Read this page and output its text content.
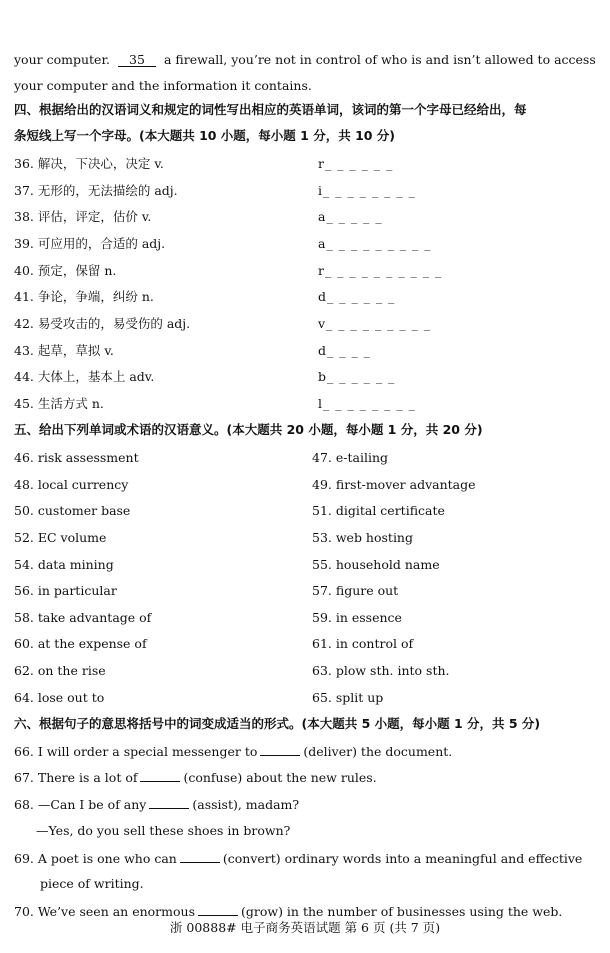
your computer. 35 a firewall, you’re not in control of who is and isn’t allowed to access
your computer and the information it contains.
四、根据给出的汉语词义和规定的词性写出相应的英语单词，该词的第一个字母已经给出，每
条短线上写一个字母。(本大题共 10 小题，每小题 1 分，共 10 分)
36. 解决，下决心，决定 v.	r_ _ _ _ _ _
37. 无形的，无法描绘的 adj.	i_ _ _ _ _ _ _ _
38. 评估，评定，估价 v.	a_ _ _ _ _
39. 可应用的，合适的 adj.	a_ _ _ _ _ _ _ _ _
40. 预定，保留 n.	r_ _ _ _ _ _ _ _ _ _
41. 争论，争端，纠纷 n.	d_ _ _ _ _ _
42. 易受攻击的，易受伤的 adj.	v_ _ _ _ _ _ _ _ _
43. 起草，草拟 v.	d_ _ _ _
44. 大体上，基本上 adv.	b_ _ _ _ _ _
45. 生活方式 n.	l_ _ _ _ _ _ _ _
五、给出下列单词或术语的汉语意义。(本大题共 20 小题，每小题 1 分，共 20 分)
46. risk assessment	47. e-tailing
48. local currency	49. first-mover advantage
50. customer base	51. digital certificate
52. EC volume	53. web hosting
54. data mining	55. household name
56. in particular	57. figure out
58. take advantage of	59. in essence
60. at the expense of	61. in control of
62. on the rise	63. plow sth. into sth.
64. lose out to	65. split up
六、根据句子的意思将括号中的词变成适当的形式。(本大题共 5 小题，每小题 1 分，共 5 分)
66. I will order a special messenger to	(deliver) the document.
67. There is a lot of	(confuse) about the new rules.
68. —Can I be of any	(assist), madam?
—Yes, do you sell these shoes in brown?
69. A poet is one who can	(convert) ordinary words into a meaningful and effective
piece of writing.
70. We’ve seen an enormous	(grow) in the number of businesses using the web.
浙 00888# 电子商务英语试题 第 6 页 (共 7 页)
